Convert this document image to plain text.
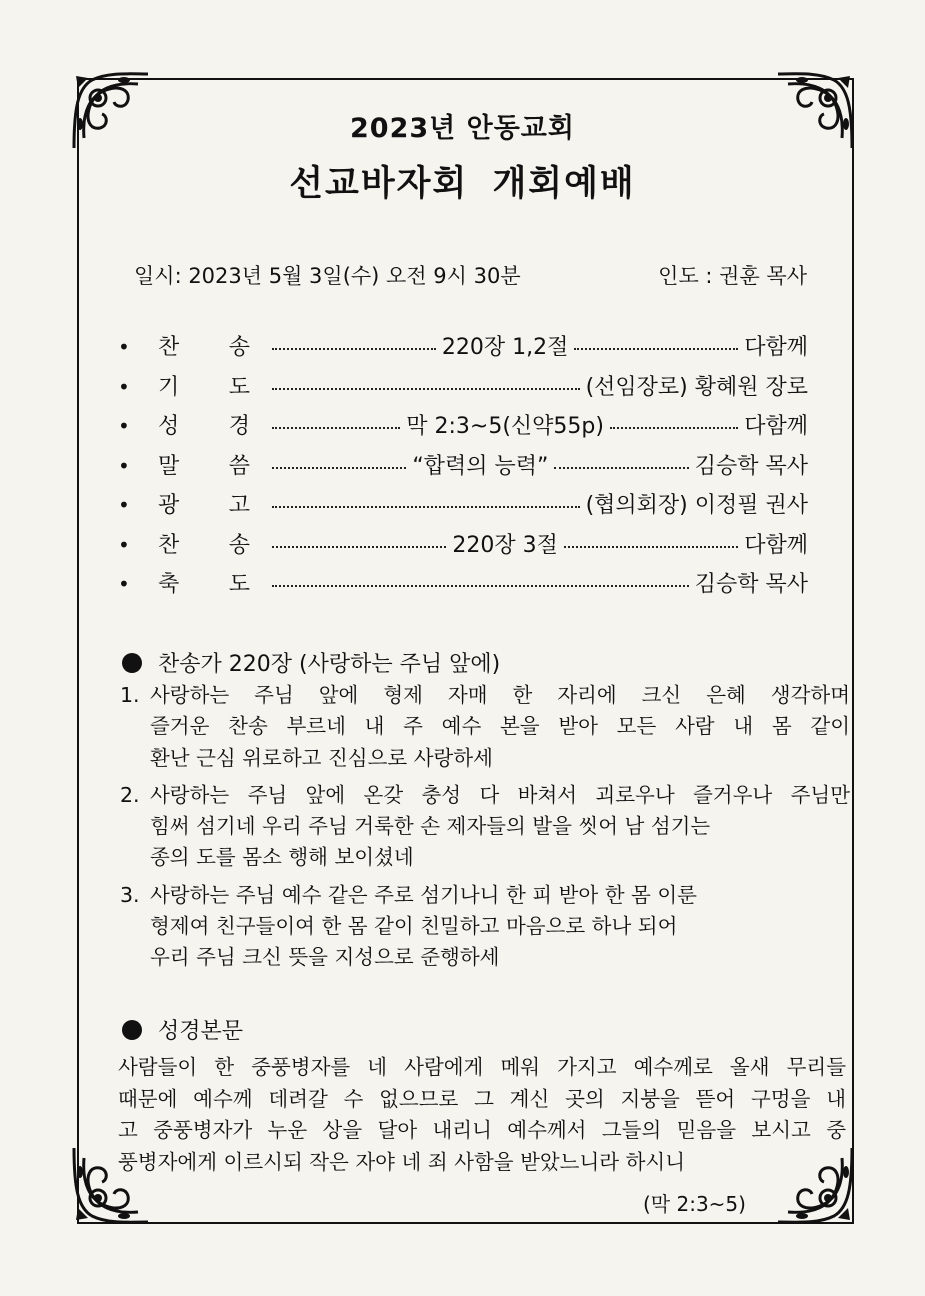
2023년 안동교회
선교바자회 개회예배
일시: 2023년 5월 3일(수) 오전 9시 30분	인도 : 권훈 목사
•	찬 송	220장 1,2절	다함께
•	기 도	(선임장로) 황혜원 장로
•	성 경	막 2:3~5(신약55p)	다함께
•	말 씀	“합력의 능력”	김승학 목사
•	광 고	(협의회장) 이정필 권사
•	찬 송	220장 3절	다함께
•	축 도	김승학 목사
찬송가 220장 (사랑하는 주님 앞에)
1. 사랑하는 주님 앞에 형제 자매 한 자리에 크신 은혜 생각하며
즐거운 찬송 부르네 내 주 예수 본을 받아 모든 사람 내 몸 같이
환난 근심 위로하고 진심으로 사랑하세
2. 사랑하는 주님 앞에 온갖 충성 다 바쳐서 괴로우나 즐거우나 주님만
힘써 섬기네 우리 주님 거룩한 손 제자들의 발을 씻어 남 섬기는
종의 도를 몸소 행해 보이셨네
3. 사랑하는 주님 예수 같은 주로 섬기나니 한 피 받아 한 몸 이룬
형제여 친구들이여 한 몸 같이 친밀하고 마음으로 하나 되어
우리 주님 크신 뜻을 지성으로 준행하세
성경본문
사람들이 한 중풍병자를 네 사람에게 메워 가지고 예수께로 올새 무리들
때문에 예수께 데려갈 수 없으므로 그 계신 곳의 지붕을 뜯어 구멍을 내
고 중풍병자가 누운 상을 달아 내리니 예수께서 그들의 믿음을 보시고 중
풍병자에게 이르시되 작은 자야 네 죄 사함을 받았느니라 하시니
(막 2:3~5)
